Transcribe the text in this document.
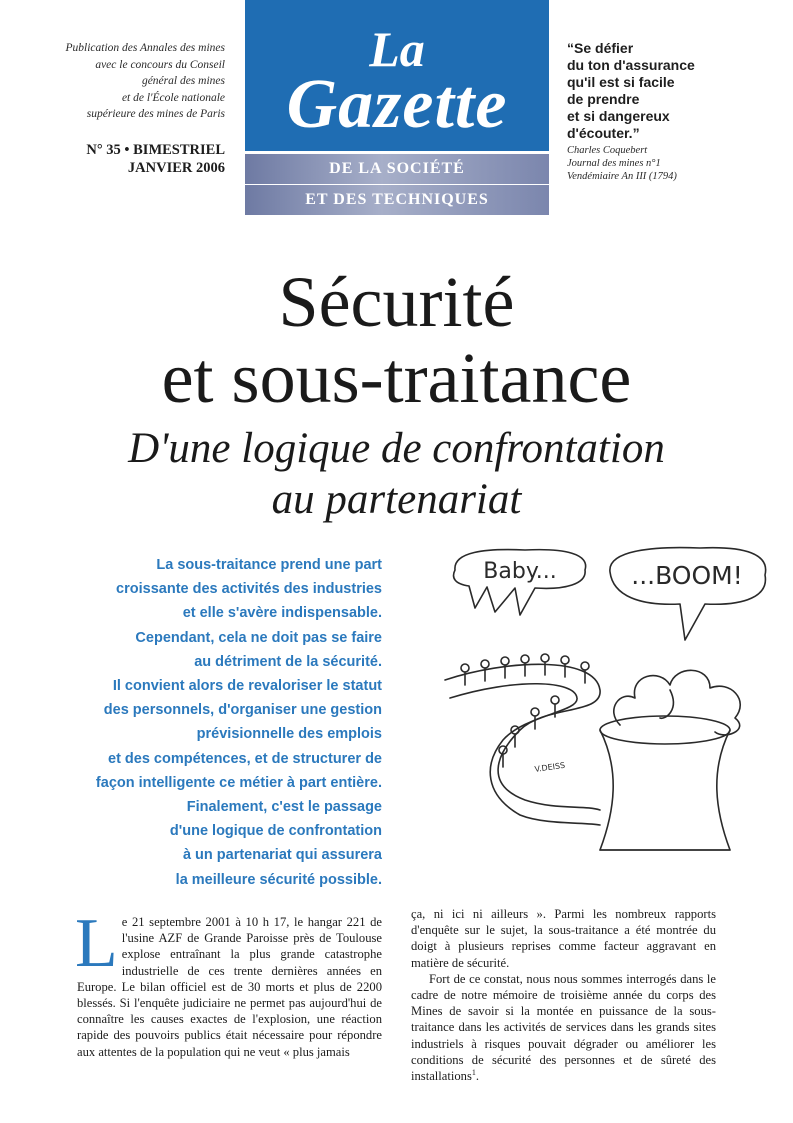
Publication des Annales des mines
avec le concours du Conseil
général des mines
et de l'École nationale
supérieure des mines de Paris
N° 35 • BIMESTRIEL
JANVIER 2006
La
Gazette
DE LA SOCIÉTÉ
ET DES TECHNIQUES
“Se défier
du ton d'assurance
qu'il est si facile
de prendre
et si dangereux
d'écouter.”
Charles Coquebert
Journal des mines n°1
Vendémiaire An III (1794)
Sécurité
et sous-traitance
D'une logique de confrontation
au partenariat
La sous-traitance prend une part
croissante des activités des industries
et elle s'avère indispensable.
Cependant, cela ne doit pas se faire
au détriment de la sécurité.
Il convient alors de revaloriser le statut
des personnels, d'organiser une gestion
prévisionnelle des emplois
et des compétences, et de structurer de
façon intelligente ce métier à part entière.
Finalement, c'est le passage
d'une logique de confrontation
à un partenariat qui assurera
la meilleure sécurité possible.
Baby...	...BOOM!
V.DEISS

Le 21 septembre 2001 à 10 h 17, le hangar 221 de l'usine AZF de Grande Paroisse près de Toulouse explose entraînant la plus grande catastrophe industrielle de ces trente dernières années en Europe. Le bilan officiel est de 30 morts et plus de 2200 blessés. Si l'enquête judiciaire ne permet pas aujourd'hui de connaître les causes exactes de l'explosion, une réaction rapide des pouvoirs publics était nécessaire pour répondre aux attentes de la population qui ne veut « plus jamais

ça, ni ici ni ailleurs ». Parmi les nombreux rapports d'enquête sur le sujet, la sous-traitance a été montrée du doigt à plusieurs reprises comme facteur aggravant en matière de sécurité.

Fort de ce constat, nous nous sommes interrogés dans le cadre de notre mémoire de troisième année du corps des Mines de savoir si la montée en puissance de la sous-traitance dans les activités de services dans les grands sites industriels à risques pouvait dégrader ou améliorer les conditions de sécurité des personnes et de sûreté des installations$^1$.
